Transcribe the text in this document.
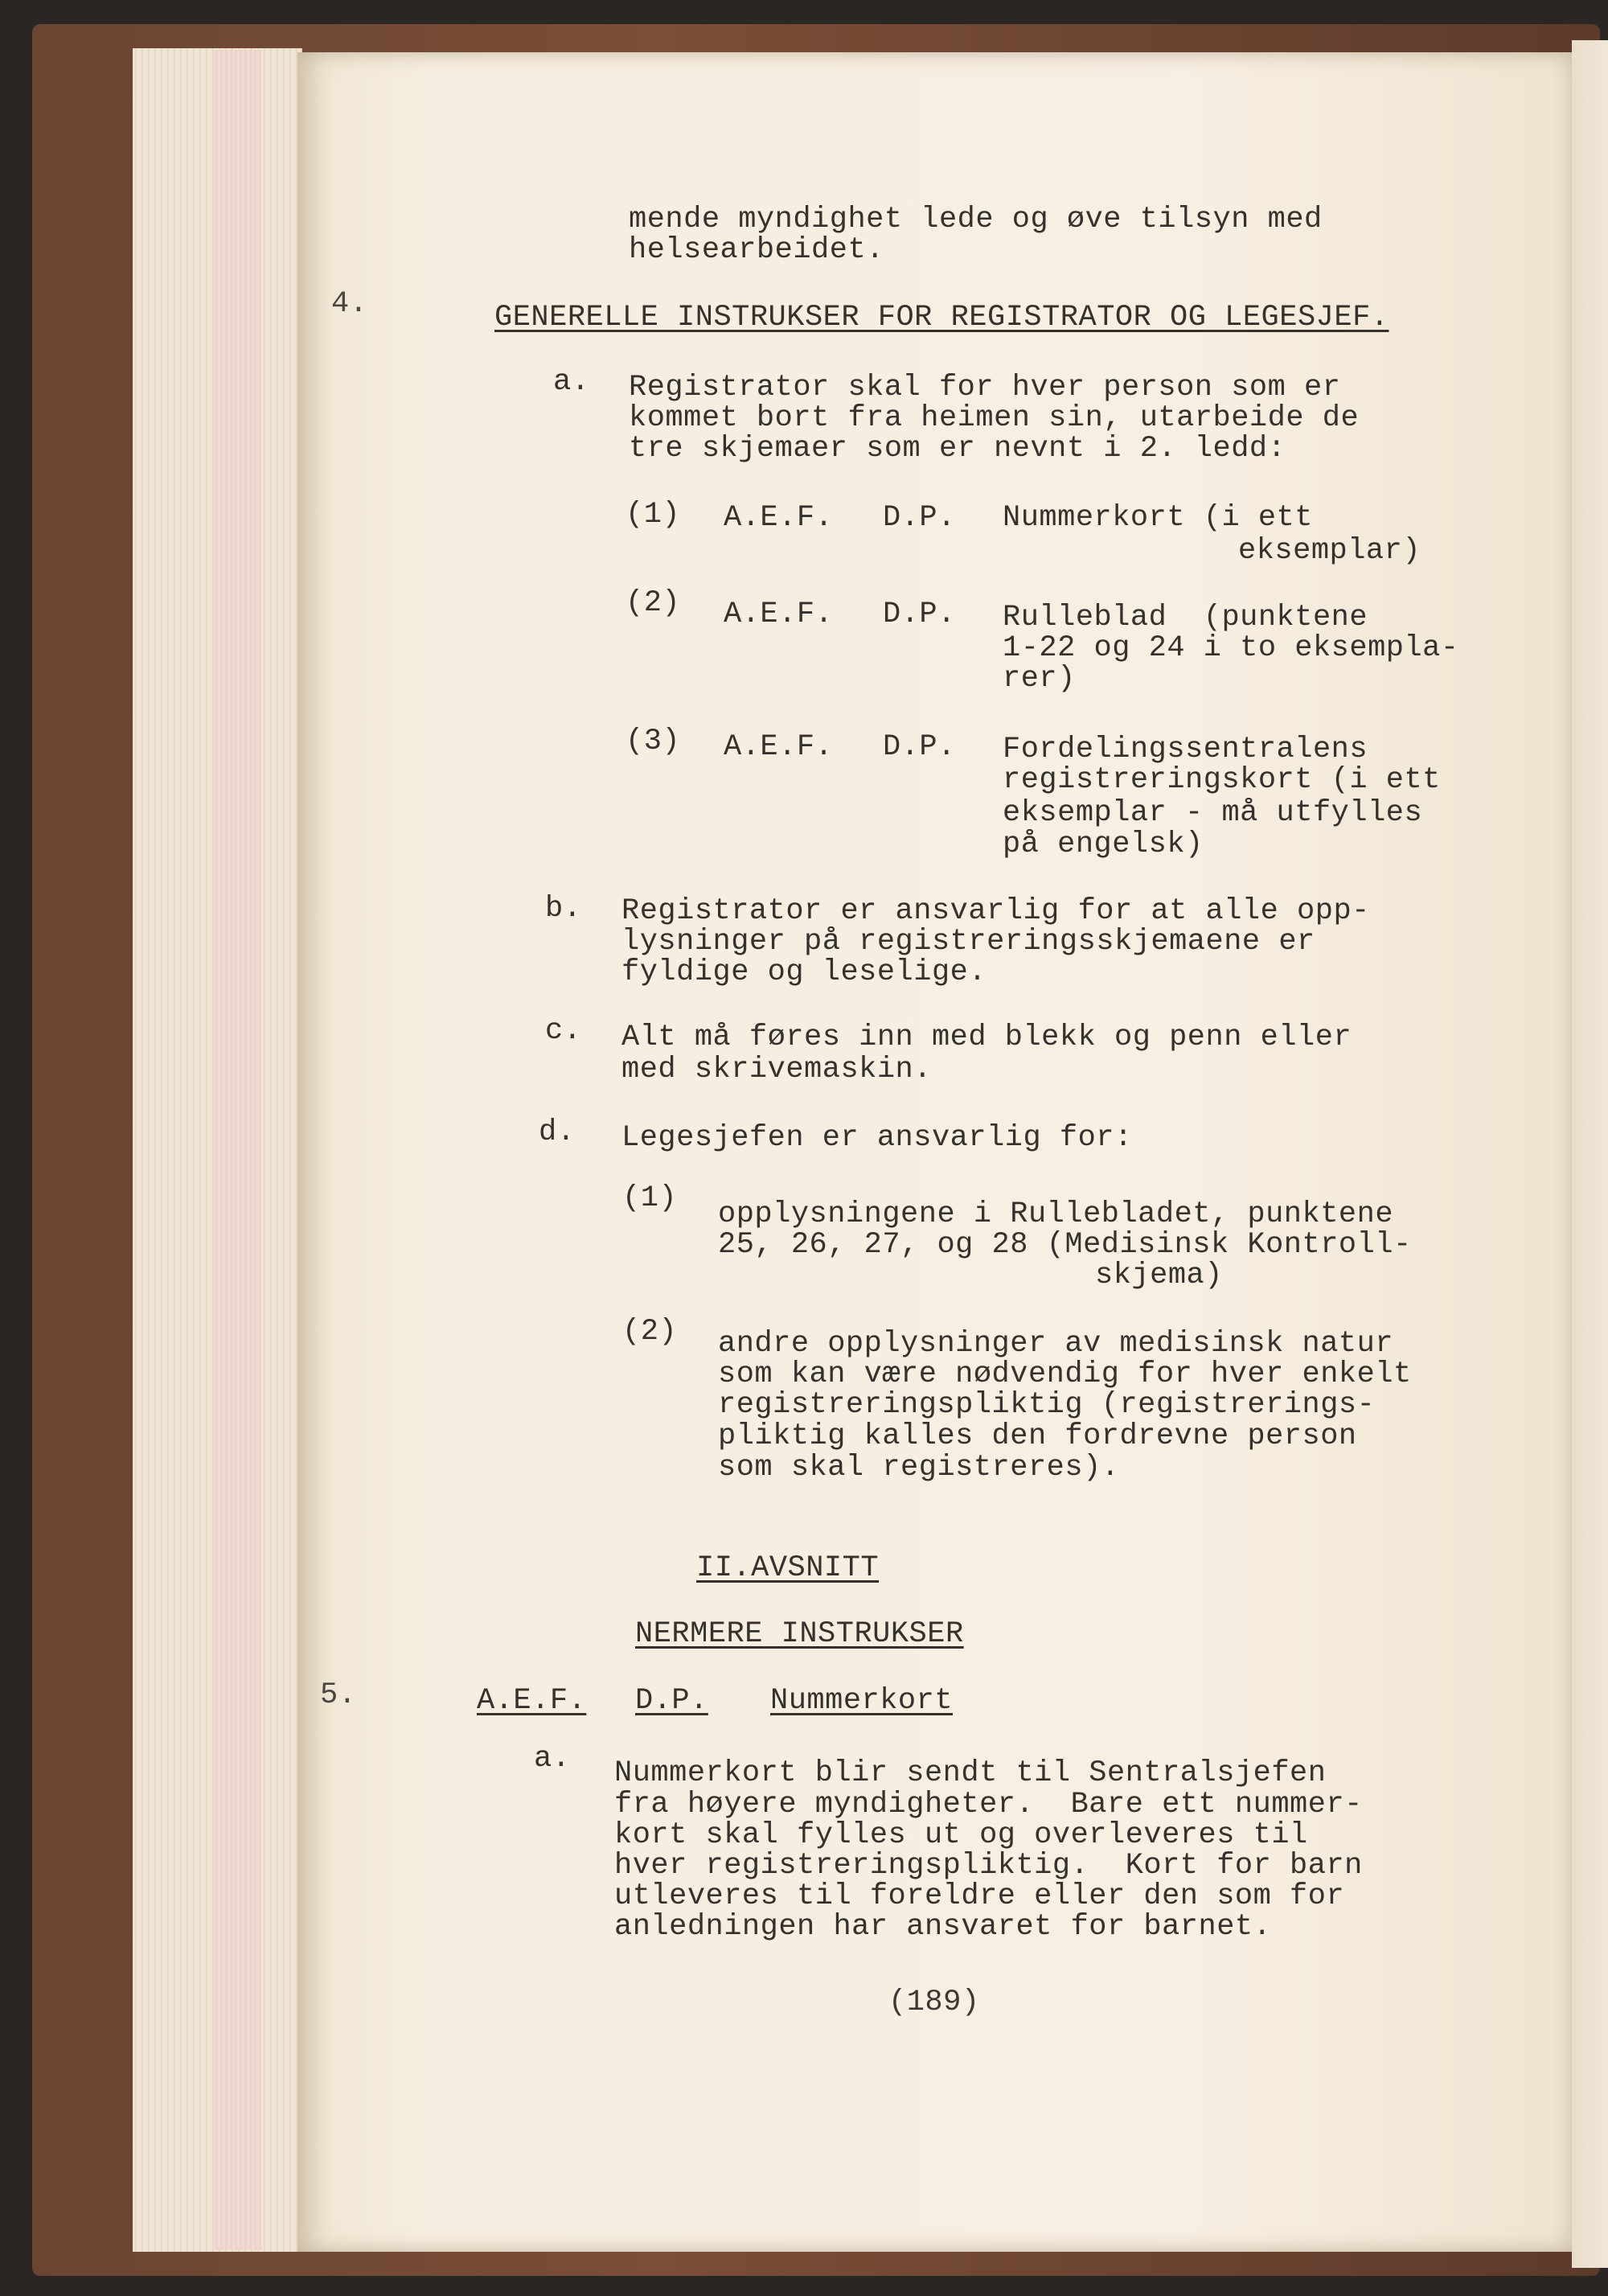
mende myndighet lede og øve tilsyn med
helsearbeidet.
4.	GENERELLE INSTRUKSER FOR REGISTRATOR OG LEGESJEF.
a. Registrator skal for hver person som er
kommet bort fra heimen sin, utarbeide de
tre skjemaer som er nevnt i 2. ledd:
(1) A.E.F. D.P. Nummerkort (i ett
eksemplar)
(2) A.E.F. D.P. Rulleblad  (punktene
1-22 og 24 i to eksempla-
rer)
(3) A.E.F. D.P. Fordelingssentralens
registreringskort (i ett
eksemplar - må utfylles
på engelsk)
b. Registrator er ansvarlig for at alle opp-
lysninger på registreringsskjemaene er
fyldige og leselige.
c. Alt må føres inn med blekk og penn eller
med skrivemaskin.
d. Legesjefen er ansvarlig for:
(1) opplysningene i Rullebladet, punktene
25, 26, 27, og 28 (Medisinsk Kontroll-
skjema)
(2) andre opplysninger av medisinsk natur
som kan være nødvendig for hver enkelt
registreringspliktig (registrerings-
pliktig kalles den fordrevne person
som skal registreres).
II.AVSNITT
NERMERE INSTRUKSER
5.	A.E.F. D.P. Nummerkort
a. Nummerkort blir sendt til Sentralsjefen
fra høyere myndigheter.  Bare ett nummer-
kort skal fylles ut og overleveres til
hver registreringspliktig.  Kort for barn
utleveres til foreldre eller den som for
anledningen har ansvaret for barnet.
(189)
